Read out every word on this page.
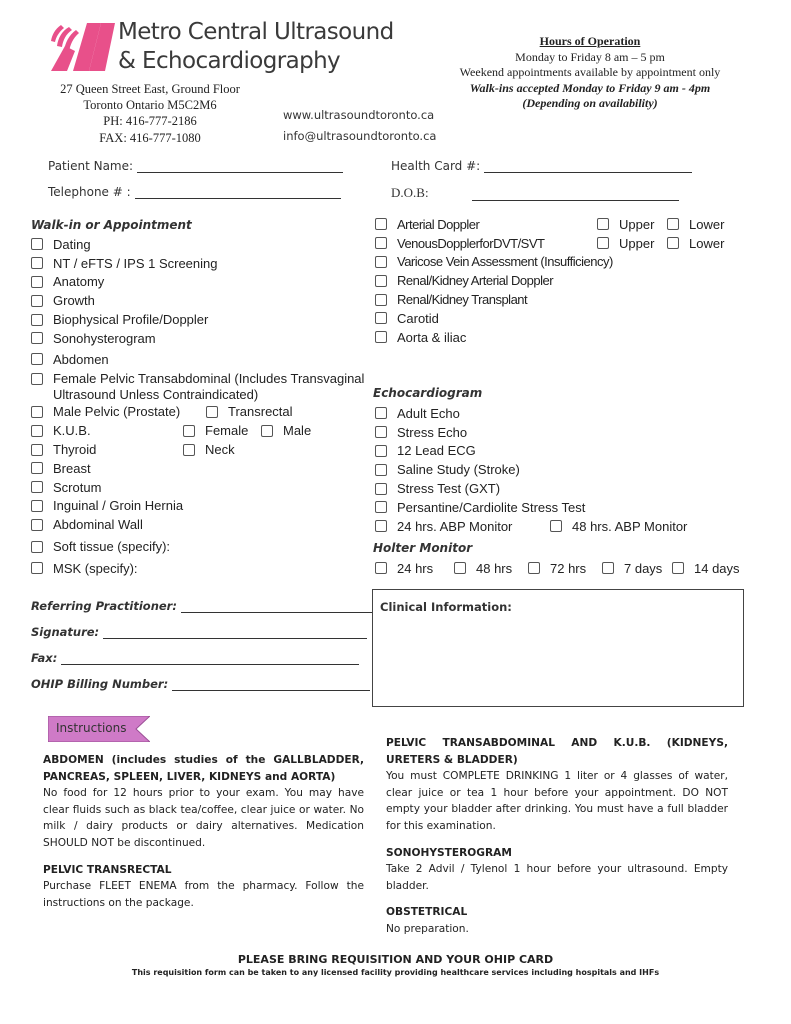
Metro Central Ultrasound
& Echocardiography
27 Queen Street East, Ground Floor
Toronto Ontario M5C2M6
PH: 416-777-2186
FAX: 416-777-1080
www.ultrasoundtoronto.ca
info@ultrasoundtoronto.ca
Hours of Operation
Monday to Friday 8 am – 5 pm
Weekend appointments available by appointment only
Walk-ins accepted Monday to Friday 9 am - 4pm
(Depending on availability)
Patient Name:
Telephone # :
Health Card #:
D.O.B:
Walk-in or Appointment
Dating
NT / eFTS / IPS 1 Screening
Anatomy
Growth
Biophysical Profile/Doppler
Sonohysterogram
Abdomen
Female Pelvic Transabdominal (Includes Transvaginal
Ultrasound Unless Contraindicated)
Male Pelvic (Prostate)	Transrectal
K.U.B.	Female	Male
Thyroid	Neck
Breast
Scrotum
Inguinal / Groin Hernia
Abdominal Wall
Soft tissue (specify):
MSK (specify):
Arterial Doppler	Upper	Lower
VenousDopplerforDVT/SVT	Upper	Lower
Varicose Vein Assessment (Insufficiency)
Renal/Kidney Arterial Doppler
Renal/Kidney Transplant
Carotid
Aorta & iliac
Echocardiogram
Adult Echo
Stress Echo
12 Lead ECG
Saline Study (Stroke)
Stress Test (GXT)
Persantine/Cardiolite Stress Test
24 hrs. ABP Monitor	48 hrs. ABP Monitor
Holter Monitor
24 hrs	48 hrs	72 hrs	7 days 14 days
Referring Practitioner:
Signature:
Fax:
OHIP Billing Number:
Clinical Information:
Instructions
ABDOMEN (includes studies of the GALLBLADDER, PANCREAS, SPLEEN, LIVER, KIDNEYS and AORTA)
No food for 12 hours prior to your exam. You may have clear fluids such as black tea/coffee, clear juice or water. No milk / dairy products or dairy alternatives. Medication SHOULD NOT be discontinued.
PELVIC TRANSRECTAL
Purchase FLEET ENEMA from the pharmacy. Follow the instructions on the package.
PELVIC TRANSABDOMINAL AND K.U.B. (KIDNEYS, URETERS & BLADDER)
You must COMPLETE DRINKING 1 liter or 4 glasses of water, clear juice or tea 1 hour before your appointment. DO NOT empty your bladder after drinking. You must have a full bladder for this examination.
SONOHYSTEROGRAM
Take 2 Advil / Tylenol 1 hour before your ultrasound. Empty bladder.
OBSTETRICAL
No preparation.
PLEASE BRING REQUISITION AND YOUR OHIP CARD
This requisition form can be taken to any licensed facility providing healthcare services including hospitals and IHFs
